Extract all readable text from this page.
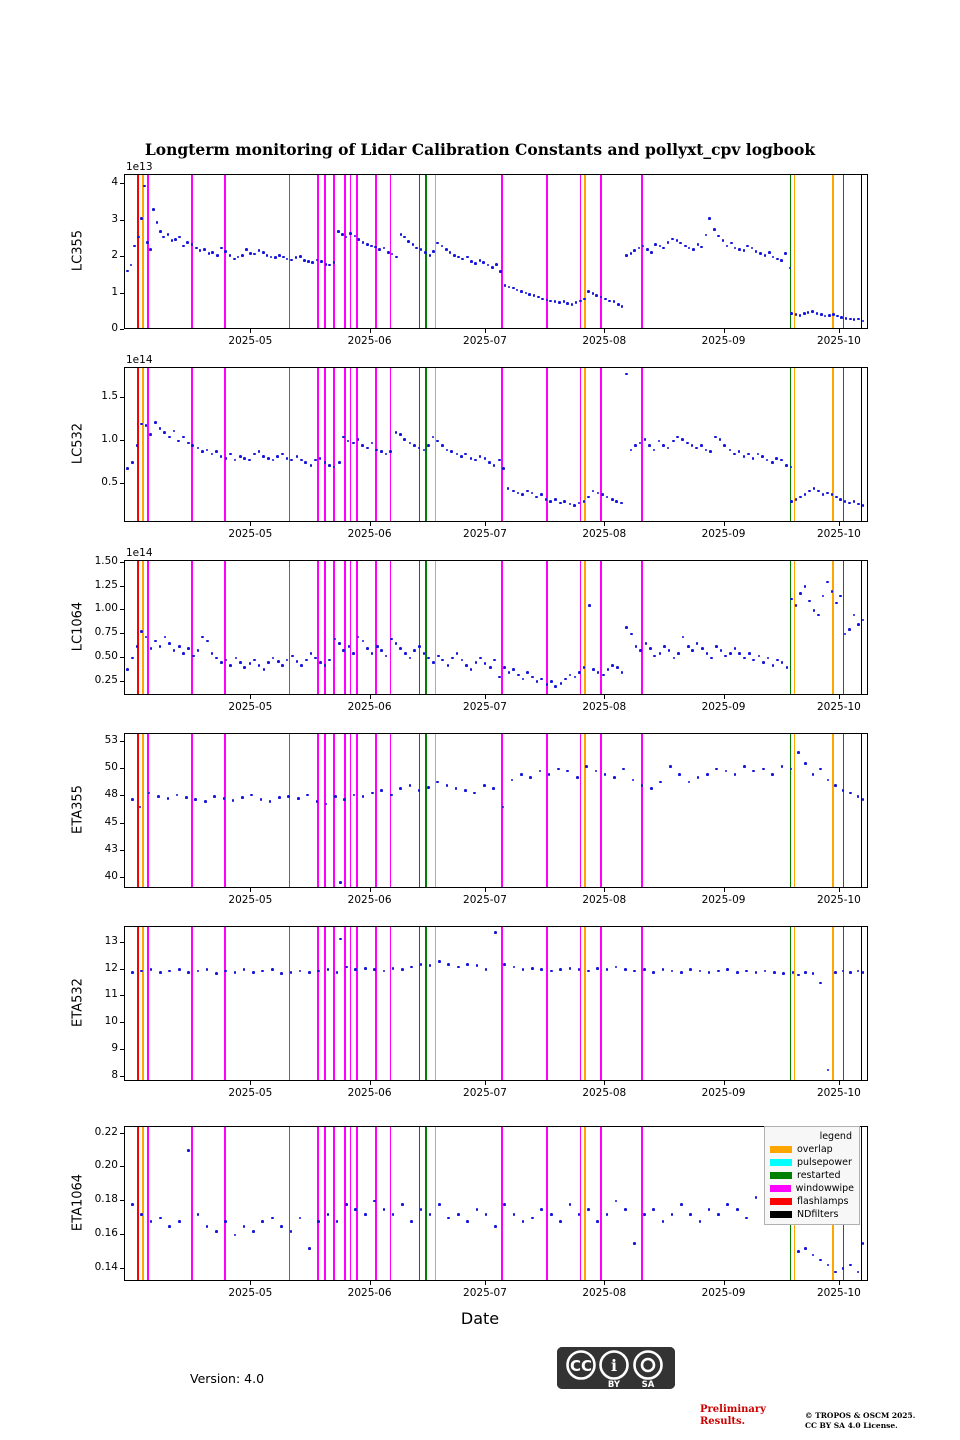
Longterm monitoring of Lidar Calibration Constants and pollyxt_cpv logbook
Date
legend
overlap
pulsepower
restarted
windowwipe
flashlamps
NDfilters
CC i
BY	SA
Version: 4.0
Preliminary
Results.
© TROPOS & OSCM 2025.
CC BY SA 4.0 License.
LC355
1e13
0
1
2
3
4
2025-05	2025-06	2025-07	2025-08	2025-09	2025-10
LC532
1e14
0.5
1.0
1.5
2025-05	2025-06	2025-07	2025-08	2025-09	2025-10
LC1064
1e14
0.25
0.50
0.75
1.00
1.25
1.50
2025-05	2025-06	2025-07	2025-08	2025-09	2025-10
ETA355
40
43
45
48
50
53
2025-05	2025-06	2025-07	2025-08	2025-09	2025-10
ETA532
8
9
10
11
12
13
2025-05	2025-06	2025-07	2025-08	2025-09	2025-10
ETA1064
0.14
0.16
0.18
0.20
0.22
2025-05	2025-06	2025-07	2025-08	2025-09	2025-10
